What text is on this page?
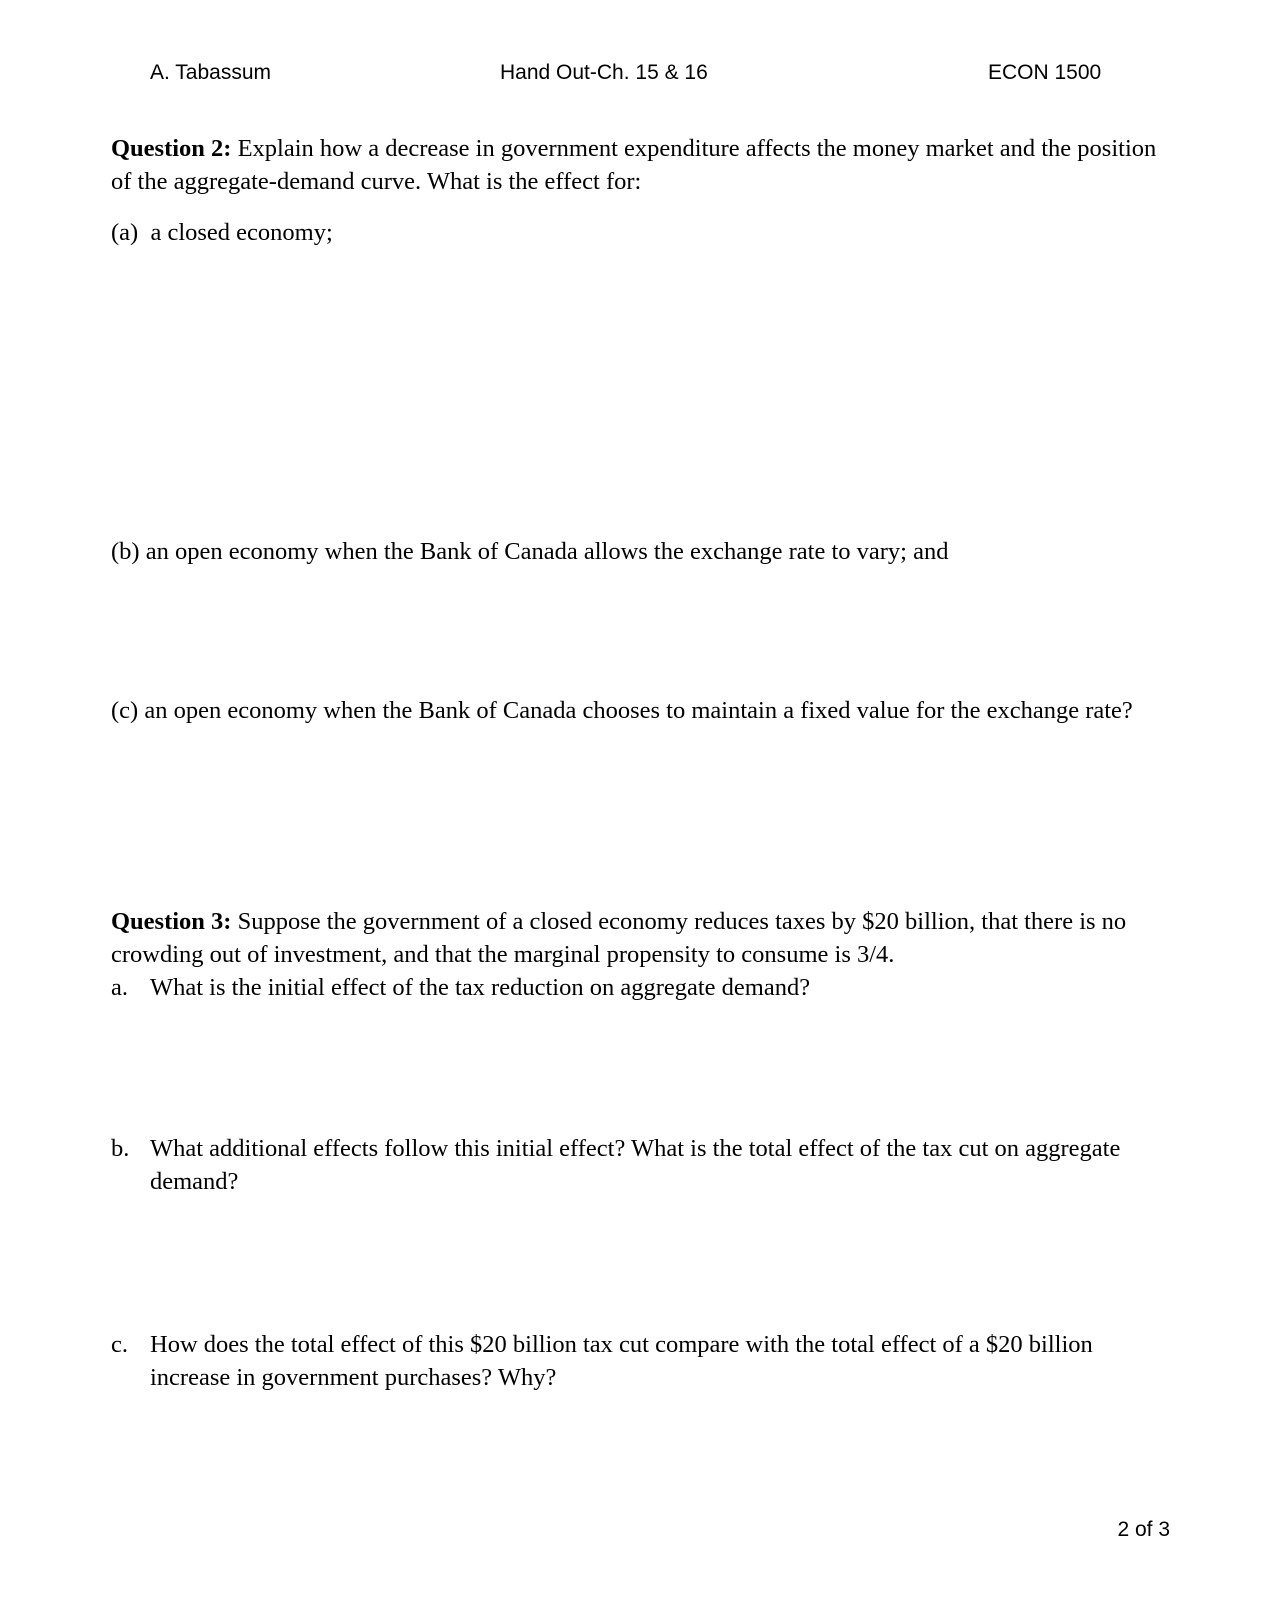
A. Tabassum	Hand Out-Ch. 15 & 16	ECON 1500
Question 2: Explain how a decrease in government expenditure affects the money market and the position of the aggregate-demand curve. What is the effect for:
(a) a closed economy;
(b) an open economy when the Bank of Canada allows the exchange rate to vary; and
(c) an open economy when the Bank of Canada chooses to maintain a fixed value for the exchange rate?
Question 3: Suppose the government of a closed economy reduces taxes by $20 billion, that there is no crowding out of investment, and that the marginal propensity to consume is 3/4.
a. What is the initial effect of the tax reduction on aggregate demand?
b. What additional effects follow this initial effect? What is the total effect of the tax cut on aggregate demand?
c. How does the total effect of this $20 billion tax cut compare with the total effect of a $20 billion increase in government purchases? Why?
2 of 3
